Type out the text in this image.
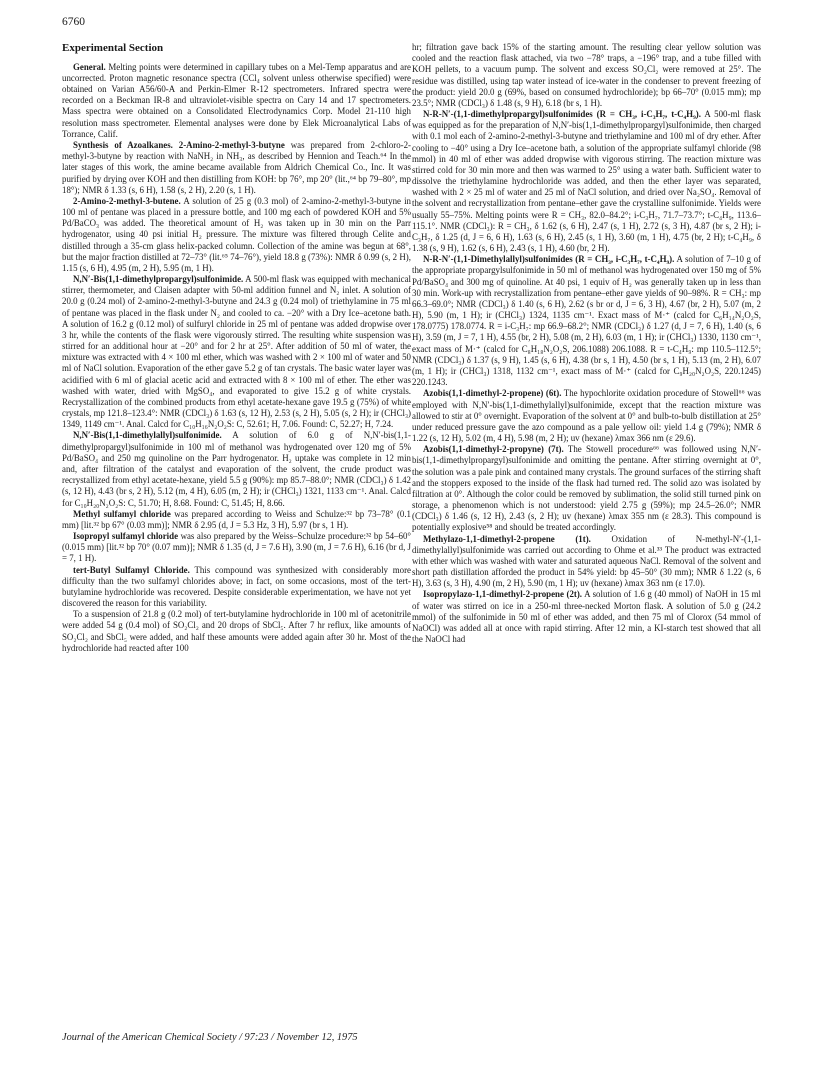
6760
Experimental Section

General. Melting points were determined in capillary tubes on a Mel-Temp apparatus and are uncorrected. Proton magnetic resonance spectra (CCl₄ solvent unless otherwise specified) were obtained on Varian A56/60-A and Perkin-Elmer R-12 spectrometers. Infrared spectra were recorded on a Beckman IR-8 and ultraviolet-visible spectra on Cary 14 and 17 spectrometers. Mass spectra were obtained on a Consolidated Electrodynamics Corp. Model 21-110 high resolution mass spectrometer. Elemental analyses were done by Elek Microanalytical Labs of Torrance, Calif.

Synthesis of Azoalkanes. 2-Amino-2-methyl-3-butyne was prepared from 2-chloro-2-methyl-3-butyne by reaction with NaNH₂ in NH₃, as described by Hennion and Teach.⁶⁴ In the later stages of this work, the amine became available from Aldrich Chemical Co., Inc. It was purified by drying over KOH and then distilling from KOH: bp 76°, mp 20° (lit.,⁶⁴ bp 79–80°, mp 18°); NMR δ 1.33 (s, 6 H), 1.58 (s, 2 H), 2.20 (s, 1 H).

2-Amino-2-methyl-3-butene. A solution of 25 g (0.3 mol) of 2-amino-2-methyl-3-butyne in 100 ml of pentane was placed in a pressure bottle, and 100 mg each of powdered KOH and 5% Pd/BaCO₃ was added. The theoretical amount of H₂ was taken up in 30 min on the Parr hydrogenator, using 40 psi initial H₂ pressure. The mixture was filtered through Celite and distilled through a 35-cm glass helix-packed column. Collection of the amine was begun at 68°, but the major fraction distilled at 72–73° (lit.⁶⁵ 74–76°), yield 18.8 g (73%): NMR δ 0.99 (s, 2 H), 1.15 (s, 6 H), 4.95 (m, 2 H), 5.95 (m, 1 H).

N,N′-Bis(1,1-dimethylpropargyl)sulfonimide. A 500-ml flask was equipped with mechanical stirrer, thermometer, and Claisen adapter with 50-ml addition funnel and N₂ inlet. A solution of 20.0 g (0.24 mol) of 2-amino-2-methyl-3-butyne and 24.3 g (0.24 mol) of triethylamine in 75 ml of pentane was placed in the flask under N₂ and cooled to ca. −20° with a Dry Ice–acetone bath. A solution of 16.2 g (0.12 mol) of sulfuryl chloride in 25 ml of pentane was added dropwise over 3 hr, while the contents of the flask were vigorously stirred. The resulting white suspension was stirred for an additional hour at −20° and for 2 hr at 25°. After addition of 50 ml of water, the mixture was extracted with 4 × 100 ml ether, which was washed with 2 × 100 ml of water and 50 ml of NaCl solution. Evaporation of the ether gave 5.2 g of tan crystals. The basic water layer was acidified with 6 ml of glacial acetic acid and extracted with 8 × 100 ml of ether. The ether was washed with water, dried with MgSO₄, and evaporated to give 15.2 g of white crystals. Recrystallization of the combined products from ethyl acetate-hexane gave 19.5 g (75%) of white crystals, mp 121.8–123.4°: NMR (CDCl₃) δ 1.63 (s, 12 H), 2.53 (s, 2 H), 5.05 (s, 2 H); ir (CHCl₃) 1349, 1149 cm⁻¹. Anal. Calcd for C₁₀H₁₆N₂O₂S: C, 52.61; H, 7.06. Found: C, 52.27; H, 7.24.

N,N′-Bis(1,1-dimethylallyl)sulfonimide. A solution of 6.0 g of N,N′-bis(1,1-dimethylpropargyl)sulfonimide in 100 ml of methanol was hydrogenated over 120 mg of 5% Pd/BaSO₄ and 250 mg quinoline on the Parr hydrogenator. H₂ uptake was complete in 12 min and, after filtration of the catalyst and evaporation of the solvent, the crude product was recrystallized from ethyl acetate-hexane, yield 5.5 g (90%): mp 85.7–88.0°; NMR (CDCl₃) δ 1.42 (s, 12 H), 4.43 (br s, 2 H), 5.12 (m, 4 H), 6.05 (m, 2 H); ir (CHCl₃) 1321, 1133 cm⁻¹. Anal. Calcd for C₁₀H₂₀N₂O₂S: C, 51.70; H, 8.68. Found: C, 51.45; H, 8.66.

Methyl sulfamyl chloride was prepared according to Weiss and Schulze:³² bp 73–78° (0.1 mm) [lit.³² bp 67° (0.03 mm)]; NMR δ 2.95 (d, J = 5.3 Hz, 3 H), 5.97 (br s, 1 H).

Isopropyl sulfamyl chloride was also prepared by the Weiss–Schulze procedure:³² bp 54–60° (0.015 mm) [lit.³² bp 70° (0.07 mm)]; NMR δ 1.35 (d, J = 7.6 H), 3.90 (m, J = 7.6 H), 6.16 (br d, J = 7, 1 H).

tert-Butyl Sulfamyl Chloride. This compound was synthesized with considerably more difficulty than the two sulfamyl chlorides above; in fact, on some occasions, most of the tert-butylamine hydrochloride was recovered. Despite considerable experimentation, we have not yet discovered the reason for this variability.

To a suspension of 21.8 g (0.2 mol) of tert-butylamine hydrochloride in 100 ml of acetonitrile were added 54 g (0.4 mol) of SO₂Cl₂ and 20 drops of SbCl₅. After 7 hr reflux, like amounts of SO₂Cl₂ and SbCl₅ were added, and half these amounts were added again after 30 hr. Most of the hydrochloride had reacted after 100

hr; filtration gave back 15% of the starting amount. The resulting clear yellow solution was cooled and the reaction flask attached, via two −78° traps, a −196° trap, and a tube filled with KOH pellets, to a vacuum pump. The solvent and excess SO₂Cl₂ were removed at 25°. The residue was distilled, using tap water instead of ice-water in the condenser to prevent freezing of the product: yield 20.0 g (69%, based on consumed hydrochloride); bp 66–70° (0.015 mm); mp 23.5°; NMR (CDCl₃) δ 1.48 (s, 9 H), 6.18 (br s, 1 H).

N-R-N′-(1,1-dimethylpropargyl)sulfonimides (R = CH₃, i-C₃H₇, t-C₄H₉). A 500-ml flask was equipped as for the preparation of N,N′-bis(1,1-dimethylpropargyl)sulfonimide, then charged with 0.1 mol each of 2-amino-2-methyl-3-butyne and triethylamine and 100 ml of dry ether. After cooling to −40° using a Dry Ice–acetone bath, a solution of the appropriate sulfamyl chloride (98 mmol) in 40 ml of ether was added dropwise with vigorous stirring. The reaction mixture was stirred cold for 30 min more and then was warmed to 25° using a water bath. Sufficient water to dissolve the triethylamine hydrochloride was added, and then the ether layer was separated, washed with 2 × 25 ml of water and 25 ml of NaCl solution, and dried over Na₂SO₄. Removal of the solvent and recrystallization from pentane–ether gave the crystalline sulfonimide. Yields were usually 55–75%. Melting points were R = CH₃, 82.0–84.2°; i-C₃H₇, 71.7–73.7°; t-C₄H₉, 113.6–115.1°. NMR (CDCl₃): R = CH₃, δ 1.62 (s, 6 H), 2.47 (s, 1 H), 2.72 (s, 3 H), 4.87 (br s, 2 H); i-C₃H₇, δ 1.25 (d, J = 6, 6 H), 1.63 (s, 6 H), 2.45 (s, 1 H), 3.60 (m, 1 H), 4.75 (br, 2 H); t-C₄H₉, δ 1.38 (s, 9 H), 1.62 (s, 6 H), 2.43 (s, 1 H), 4.60 (br, 2 H).

N-R-N′-(1,1-Dimethylallyl)sulfonimides (R = CH₃, i-C₃H₇, t-C₄H₉). A solution of 7–10 g of the appropriate propargylsulfonimide in 50 ml of methanol was hydrogenated over 150 mg of 5% Pd/BaSO₄ and 300 mg of quinoline. At 40 psi, 1 equiv of H₂ was generally taken up in less than 30 min. Work-up with recrystallization from pentane–ether gave yields of 90–98%. R = CH₃: mp 66.3–69.0°; NMR (CDCl₃) δ 1.40 (s, 6 H), 2.62 (s br or d, J = 6, 3 H), 4.67 (br, 2 H), 5.07 (m, 2 H), 5.90 (m, 1 H); ir (CHCl₃) 1324, 1135 cm⁻¹. Exact mass of M·⁺ (calcd for C₆H₁₄N₂O₂S, 178.0775) 178.0774. R = i-C₃H₇: mp 66.9–68.2°; NMR (CDCl₃) δ 1.27 (d, J = 7, 6 H), 1.40 (s, 6 H), 3.59 (m, J = 7, 1 H), 4.55 (br, 2 H), 5.08 (m, 2 H), 6.03 (m, 1 H); ir (CHCl₃) 1330, 1130 cm⁻¹, exact mass of M·⁺ (calcd for C₈H₁₈N₂O₂S, 206.1088) 206.1088. R = t-C₄H₉: mp 110.5–112.5°; NMR (CDCl₃) δ 1.37 (s, 9 H), 1.45 (s, 6 H), 4.38 (br s, 1 H), 4.50 (br s, 1 H), 5.13 (m, 2 H), 6.07 (m, 1 H); ir (CHCl₃) 1318, 1132 cm⁻¹, exact mass of M·⁺ (calcd for C₉H₂₀N₂O₂S, 220.1245) 220.1243.

Azobis(1,1-dimethyl-2-propene) (6t). The hypochlorite oxidation procedure of Stowell⁶⁶ was employed with N,N′-bis(1,1-dimethylallyl)sulfonimide, except that the reaction mixture was allowed to stir at 0° overnight. Evaporation of the solvent at 0° and bulb-to-bulb distillation at 25° under reduced pressure gave the azo compound as a pale yellow oil: yield 1.4 g (79%); NMR δ 1.22 (s, 12 H), 5.02 (m, 4 H), 5.98 (m, 2 H); uv (hexane) λmax 366 nm (ε 29.6).

Azobis(1,1-dimethyl-2-propyne) (7t). The Stowell procedure⁶⁶ was followed using N,N′-bis(1,1-dimethylpropargyl)sulfonimide and omitting the pentane. After stirring overnight at 0°, the solution was a pale pink and contained many crystals. The ground surfaces of the stirring shaft and the stoppers exposed to the inside of the flask had turned red. The solid azo was isolated by filtration at 0°. Although the color could be removed by sublimation, the solid still turned pink on storage, a phenomenon which is not understood: yield 2.75 g (59%); mp 24.5–26.0°; NMR (CDCl₃) δ 1.46 (s, 12 H), 2.43 (s, 2 H); uv (hexane) λmax 355 nm (ε 28.3). This compound is potentially explosive⁵⁸ and should be treated accordingly.

Methylazo-1,1-dimethyl-2-propene (1t). Oxidation of N-methyl-N′-(1,1-dimethylallyl)sulfonimide was carried out according to Ohme et al.³³ The product was extracted with ether which was washed with water and saturated aqueous NaCl. Removal of the solvent and short path distillation afforded the product in 54% yield: bp 45–50° (30 mm); NMR δ 1.22 (s, 6 H), 3.63 (s, 3 H), 4.90 (m, 2 H), 5.90 (m, 1 H); uv (hexane) λmax 363 nm (ε 17.0).

Isopropylazo-1,1-dimethyl-2-propene (2t). A solution of 1.6 g (40 mmol) of NaOH in 15 ml of water was stirred on ice in a 250-ml three-necked Morton flask. A solution of 5.0 g (24.2 mmol) of the sulfonimide in 50 ml of ether was added, and then 75 ml of Clorox (54 mmol of NaOCl) was added all at once with rapid stirring. After 12 min, a KI-starch test showed that all the NaOCl had

Journal of the American Chemical Society / 97:23 / November 12, 1975
